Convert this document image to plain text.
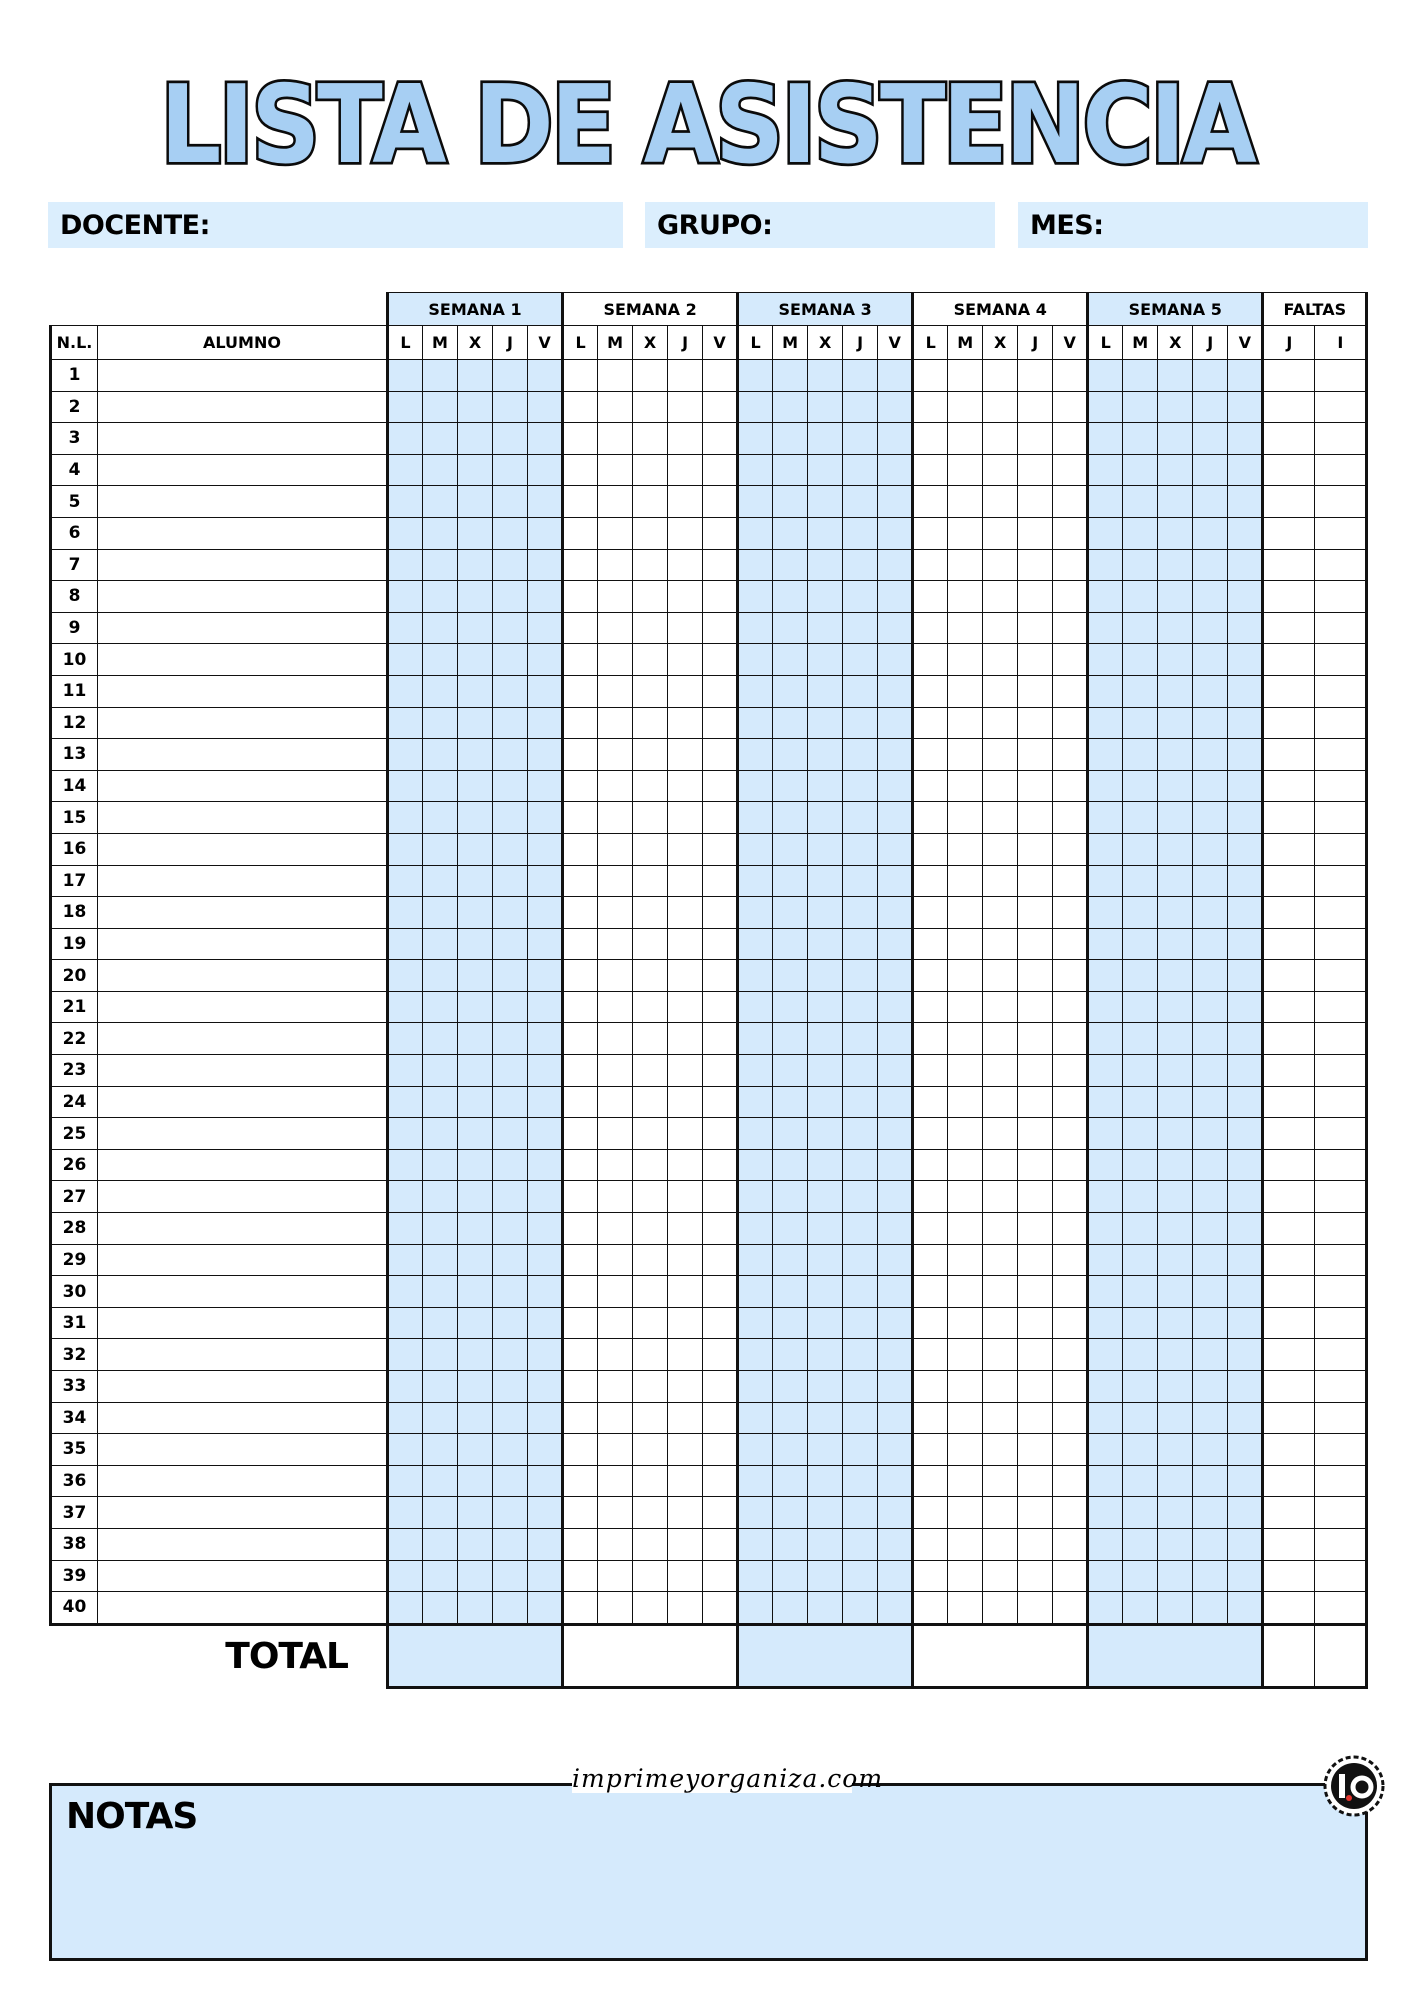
LISTA DE ASISTENCIA
DOCENTE:	GRUPO:	MES:
		SEMANA 1					SEMANA 2					SEMANA 3					SEMANA 4					SEMANA 5					FALTAS	
N.L.	ALUMNO	L	M	X	J	V	L	M	X	J	V	L	M	X	J	V	L	M	X	J	V	L	M	X	J	V	J	I
1																												
2																												
3																												
4																												
5																												
6																												
7																												
8																												
9																												
10																												
11																												
12																												
13																												
14																												
15																												
16																												
17																												
18																												
19																												
20																												
21																												
22																												
23																												
24																												
25																												
26																												
27																												
28																												
29																												
30																												
31																												
32																												
33																												
34																												
35																												
36																												
37																												
38																												
39																												
40																												
TOTAL																												
NOTAS
imprimeyorganiza.com
